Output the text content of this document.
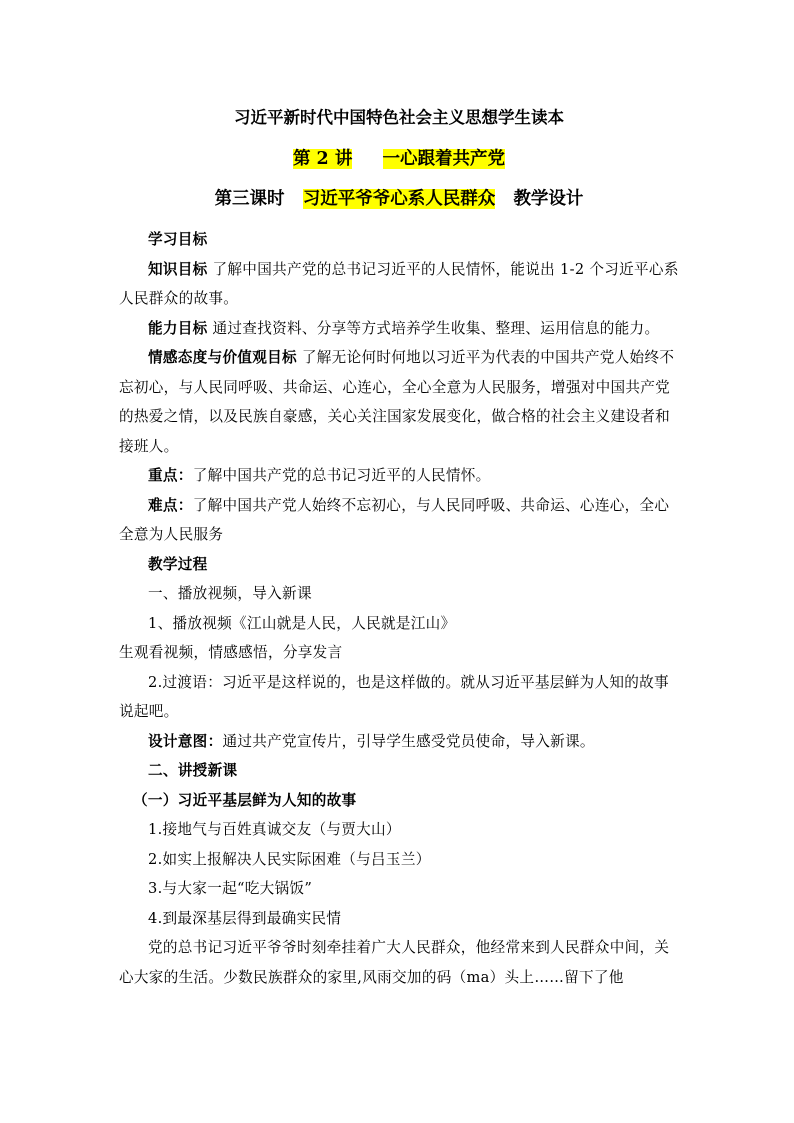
习近平新时代中国特色社会主义思想学生读本
第 2 讲 一心跟着共产党
第三课时 习近平爷爷心系人民群众 教学设计

学习目标

知识目标 了解中国共产党的总书记习近平的人民情怀，能说出 1-2 个习近平心系人民群众的故事。

能力目标 通过查找资料、分享等方式培养学生收集、整理、运用信息的能力。

情感态度与价值观目标 了解无论何时何地以习近平为代表的中国共产党人始终不忘初心，与人民同呼吸、共命运、心连心，全心全意为人民服务，增强对中国共产党的热爱之情，以及民族自豪感，关心关注国家发展变化，做合格的社会主义建设者和接班人。

重点：了解中国共产党的总书记习近平的人民情怀。

难点：了解中国共产党人始终不忘初心，与人民同呼吸、共命运、心连心，全心全意为人民服务

教学过程

一、播放视频，导入新课

1、播放视频《江山就是人民，人民就是江山》

生观看视频，情感感悟，分享发言

2.过渡语：习近平是这样说的，也是这样做的。就从习近平基层鲜为人知的故事说起吧。

设计意图：通过共产党宣传片，引导学生感受党员使命，导入新课。

二、讲授新课

（一）习近平基层鲜为人知的故事

1.接地气与百姓真诚交友（与贾大山）

2.如实上报解决人民实际困难（与吕玉兰）

3.与大家一起“吃大锅饭”

4.到最深基层得到最确实民情

党的总书记习近平爷爷时刻牵挂着广大人民群众，他经常来到人民群众中间，关心大家的生活。少数民族群众的家里,风雨交加的码（ma）头上……留下了他
